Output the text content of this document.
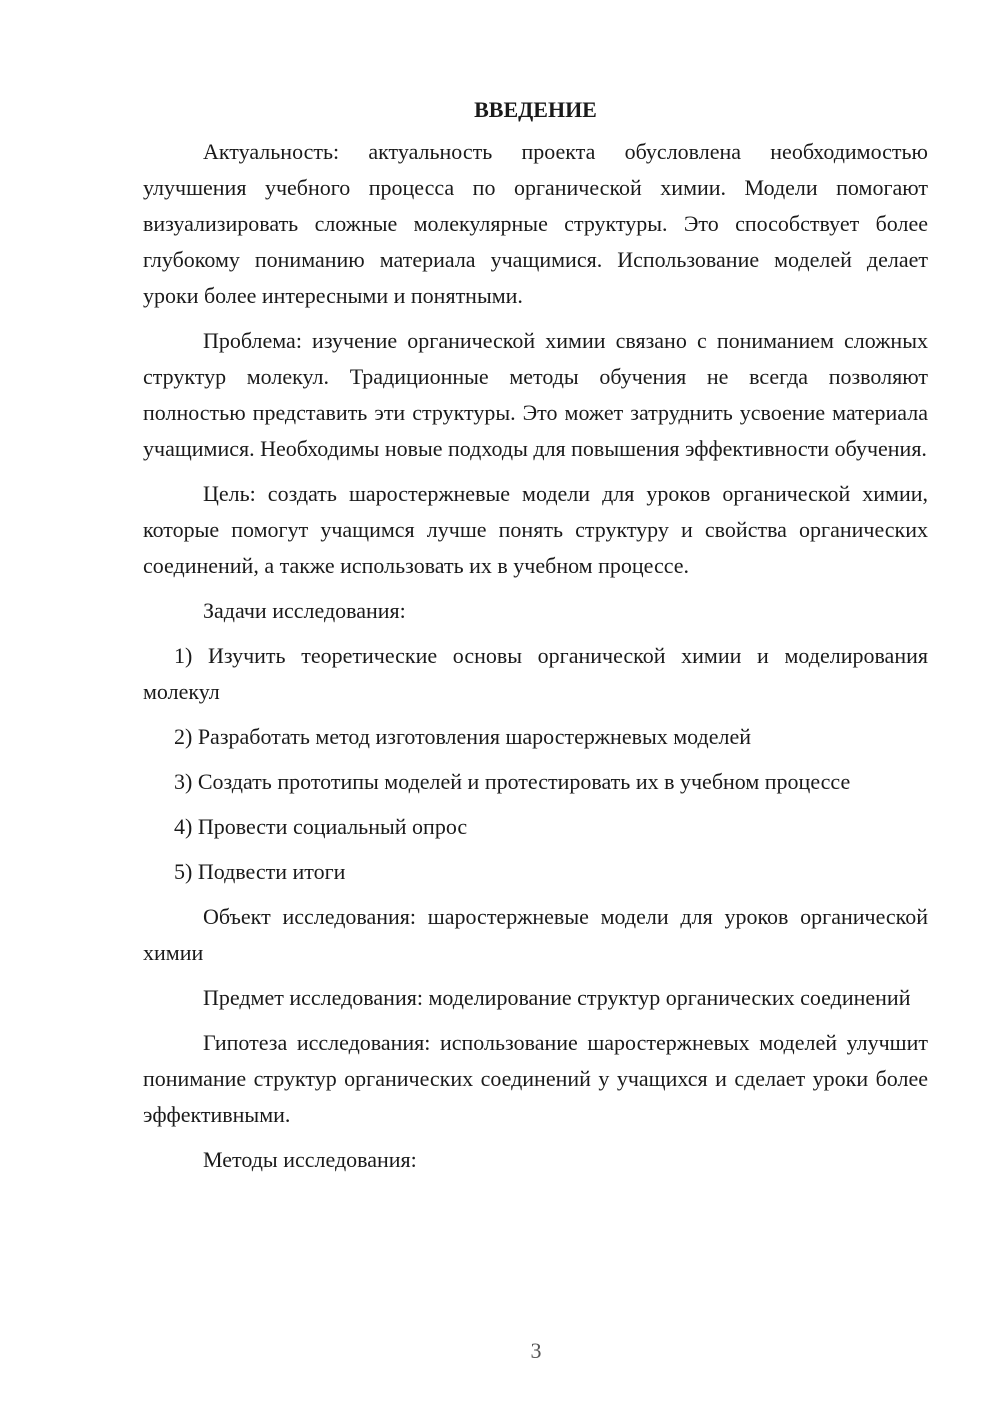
ВВЕДЕНИЕ

Актуальность: актуальность проекта обусловлена необходимостью улучшения учебного процесса по органической химии. Модели помогают визуализировать сложные молекулярные структуры. Это способствует более глубокому пониманию материала учащимися. Использование моделей делает уроки более интересными и понятными.

Проблема: изучение органической химии связано с пониманием сложных структур молекул. Традиционные методы обучения не всегда позволяют полностью представить эти структуры. Это может затруднить усвоение материала учащимися. Необходимы новые подходы для повышения эффективности обучения.

Цель: создать шаростержневые модели для уроков органической химии, которые помогут учащимся лучше понять структуру и свойства органических соединений, а также использовать их в учебном процессе.

Задачи исследования:

1) Изучить теоретические основы органической химии и моделирования молекул

2) Разработать метод изготовления шаростержневых моделей

3) Создать прототипы моделей и протестировать их в учебном процессе

4) Провести социальный опрос

5) Подвести итоги

Объект исследования: шаростержневые модели для уроков органической химии

Предмет исследования: моделирование структур органических соединений

Гипотеза исследования: использование шаростержневых моделей улучшит понимание структур органических соединений у учащихся и сделает уроки более эффективными.

Методы исследования:

3
